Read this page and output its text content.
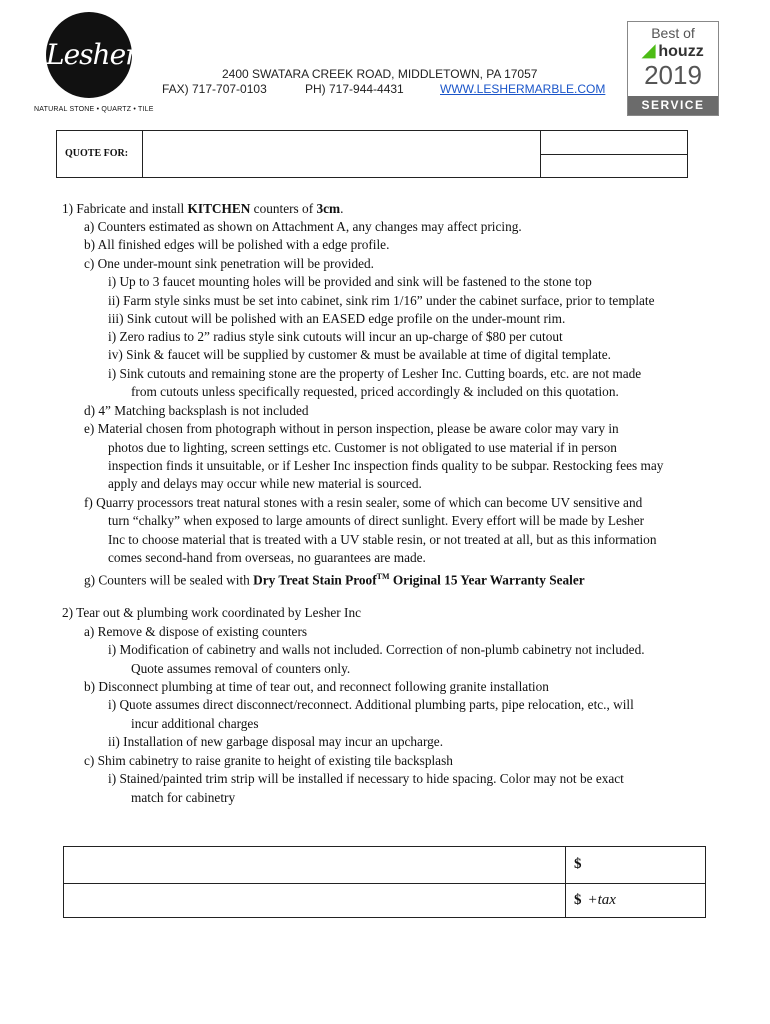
Lesher
NATURAL STONE • QUARTZ • TILE
2400 SWATARA CREEK ROAD, MIDDLETOWN, PA 17057
FAX) 717-707-0103	PH) 717-944-4431	WWW.LESHERMARBLE.COM
Best of
◢ houzz
2019
SERVICE
QUOTE FOR:
1) Fabricate and install KITCHEN counters of 3cm.
a) Counters estimated as shown on Attachment A, any changes may affect pricing.
b) All finished edges will be polished with a edge profile.
c) One under-mount sink penetration will be provided.
i) Up to 3 faucet mounting holes will be provided and sink will be fastened to the stone top
ii) Farm style sinks must be set into cabinet, sink rim 1/16” under the cabinet surface, prior to template
iii) Sink cutout will be polished with an EASED edge profile on the under-mount rim.
i) Zero radius to 2” radius style sink cutouts will incur an up-charge of $80 per cutout
iv) Sink & faucet will be supplied by customer & must be available at time of digital template.
i) Sink cutouts and remaining stone are the property of Lesher Inc. Cutting boards, etc. are not made
from cutouts unless specifically requested, priced accordingly & included on this quotation.
d) 4” Matching backsplash is not included
e) Material chosen from photograph without in person inspection, please be aware color may vary in
photos due to lighting, screen settings etc. Customer is not obligated to use material if in person
inspection finds it unsuitable, or if Lesher Inc inspection finds quality to be subpar. Restocking fees may
apply and delays may occur while new material is sourced.
f) Quarry processors treat natural stones with a resin sealer, some of which can become UV sensitive and
turn “chalky” when exposed to large amounts of direct sunlight. Every effort will be made by Lesher
Inc to choose material that is treated with a UV stable resin, or not treated at all, but as this information
comes second-hand from overseas, no guarantees are made.
g) Counters will be sealed with Dry Treat Stain Proof™ Original 15 Year Warranty Sealer
2) Tear out & plumbing work coordinated by Lesher Inc
a) Remove & dispose of existing counters
i) Modification of cabinetry and walls not included. Correction of non-plumb cabinetry not included.
Quote assumes removal of counters only.
b) Disconnect plumbing at time of tear out, and reconnect following granite installation
i) Quote assumes direct disconnect/reconnect. Additional plumbing parts, pipe relocation, etc., will
incur additional charges
ii) Installation of new garbage disposal may incur an upcharge.
c) Shim cabinetry to raise granite to height of existing tile backsplash
i) Stained/painted trim strip will be installed if necessary to hide spacing. Color may not be exact
match for cabinetry
$
$ +tax
